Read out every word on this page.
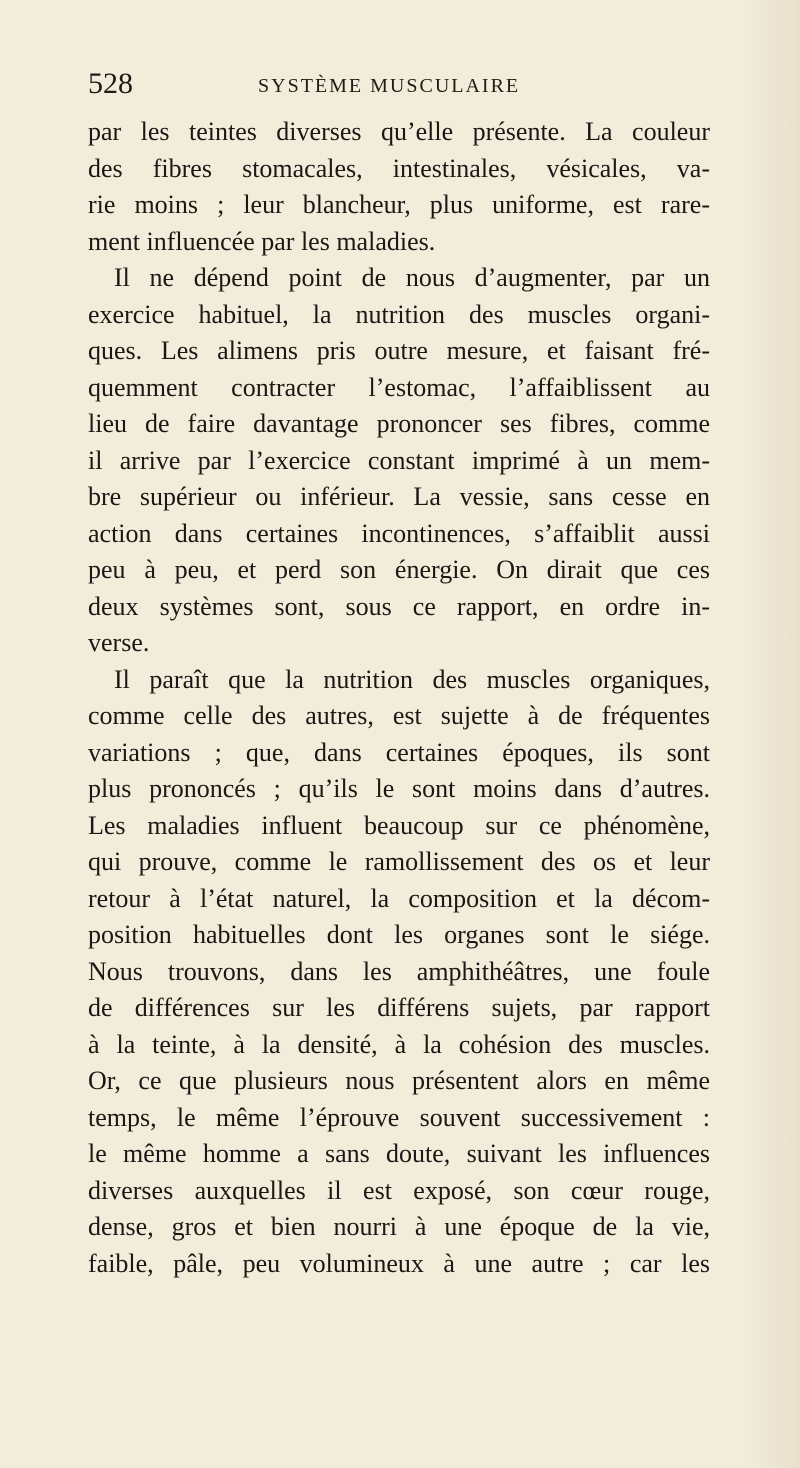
528	SYSTÈME MUSCULAIRE
par les teintes diverses qu’elle présente. La couleur
des fibres stomacales, intestinales, vésicales, va-
rie moins ; leur blancheur, plus uniforme, est rare-
ment influencée par les maladies.
Il ne dépend point de nous d’augmenter, par un
exercice habituel, la nutrition des muscles organi-
ques. Les alimens pris outre mesure, et faisant fré-
quemment contracter l’estomac, l’affaiblissent au
lieu de faire davantage prononcer ses fibres, comme
il arrive par l’exercice constant imprimé à un mem-
bre supérieur ou inférieur. La vessie, sans cesse en
action dans certaines incontinences, s’affaiblit aussi
peu à peu, et perd son énergie. On dirait que ces
deux systèmes sont, sous ce rapport, en ordre in-
verse.
Il paraît que la nutrition des muscles organiques,
comme celle des autres, est sujette à de fréquentes
variations ; que, dans certaines époques, ils sont
plus prononcés ; qu’ils le sont moins dans d’autres.
Les maladies influent beaucoup sur ce phénomène,
qui prouve, comme le ramollissement des os et leur
retour à l’état naturel, la composition et la décom-
position habituelles dont les organes sont le siége.
Nous trouvons, dans les amphithéâtres, une foule
de différences sur les différens sujets, par rapport
à la teinte, à la densité, à la cohésion des muscles.
Or, ce que plusieurs nous présentent alors en même
temps, le même l’éprouve souvent successivement :
le même homme a sans doute, suivant les influences
diverses auxquelles il est exposé, son cœur rouge,
dense, gros et bien nourri à une époque de la vie,
faible, pâle, peu volumineux à une autre ; car les
